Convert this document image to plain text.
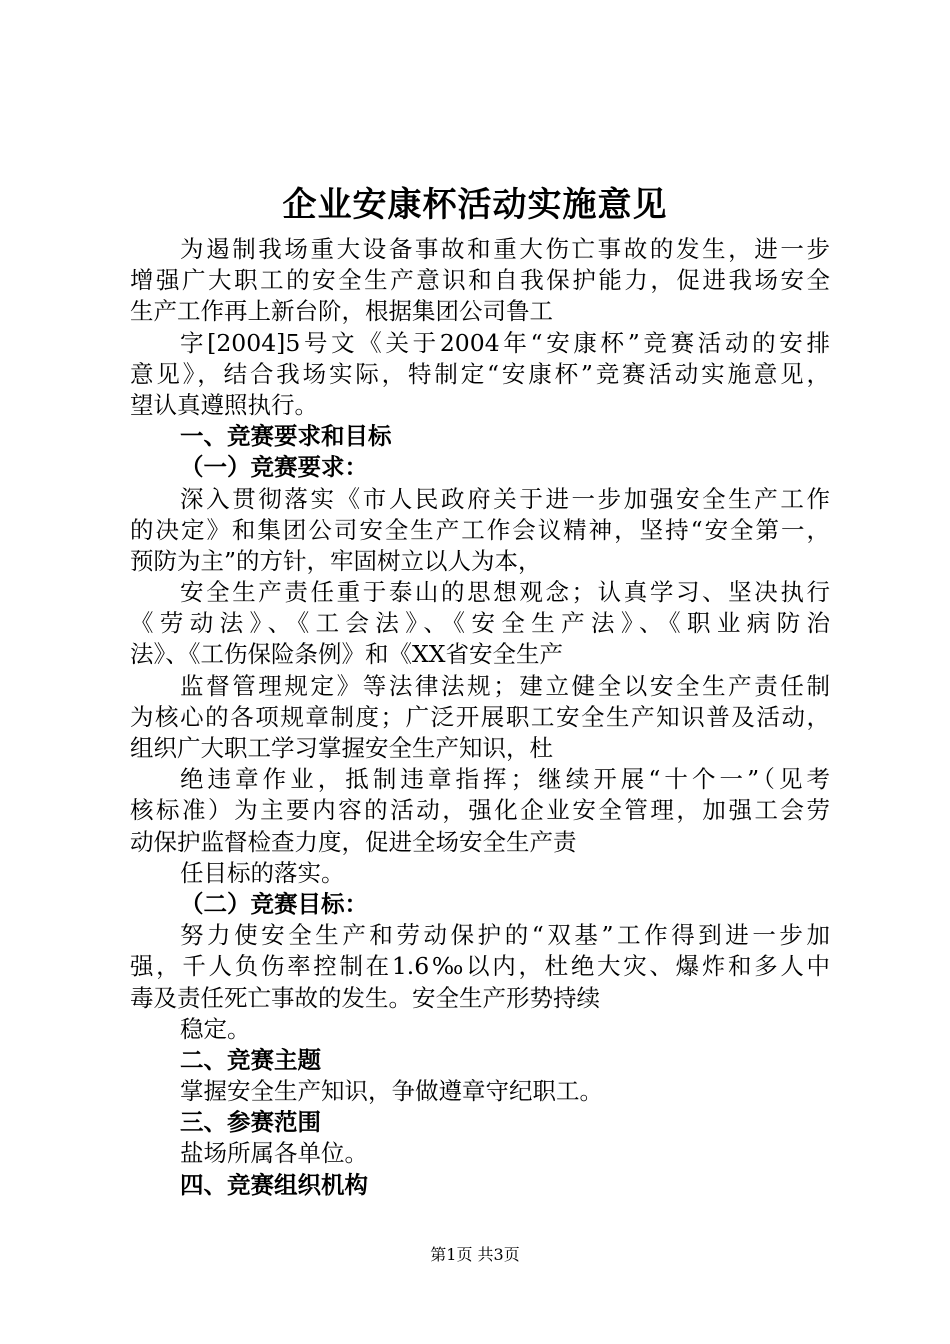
企业安康杯活动实施意见
为遏制我场重大设备事故和重大伤亡事故的发生，进一步
增强广大职工的安全生产意识和自我保护能力，促进我场安全
生产工作再上新台阶，根据集团公司鲁工
字[2004]5号文《关于2004年“安康杯”竞赛活动的安排
意见》，结合我场实际，特制定“安康杯”竞赛活动实施意见，
望认真遵照执行。
一、竞赛要求和目标
（一）竞赛要求：
深入贯彻落实《市人民政府关于进一步加强安全生产工作
的决定》和集团公司安全生产工作会议精神，坚持“安全第一，
预防为主”的方针，牢固树立以人为本，
安全生产责任重于泰山的思想观念；认真学习、坚决执行
《劳动法》、《工会法》、《安全生产法》、《职业病防治
法》、《工伤保险条例》和《XX省安全生产
监督管理规定》等法律法规；建立健全以安全生产责任制
为核心的各项规章制度；广泛开展职工安全生产知识普及活动，
组织广大职工学习掌握安全生产知识，杜
绝违章作业，抵制违章指挥；继续开展“十个一”（见考
核标准）为主要内容的活动，强化企业安全管理，加强工会劳
动保护监督检查力度，促进全场安全生产责
任目标的落实。
（二）竞赛目标：
努力使安全生产和劳动保护的“双基”工作得到进一步加
强，千人负伤率控制在1.6‰以内，杜绝大灾、爆炸和多人中
毒及责任死亡事故的发生。安全生产形势持续
稳定。
二、竞赛主题
掌握安全生产知识，争做遵章守纪职工。
三、参赛范围
盐场所属各单位。
四、竞赛组织机构
第1页 共3页
